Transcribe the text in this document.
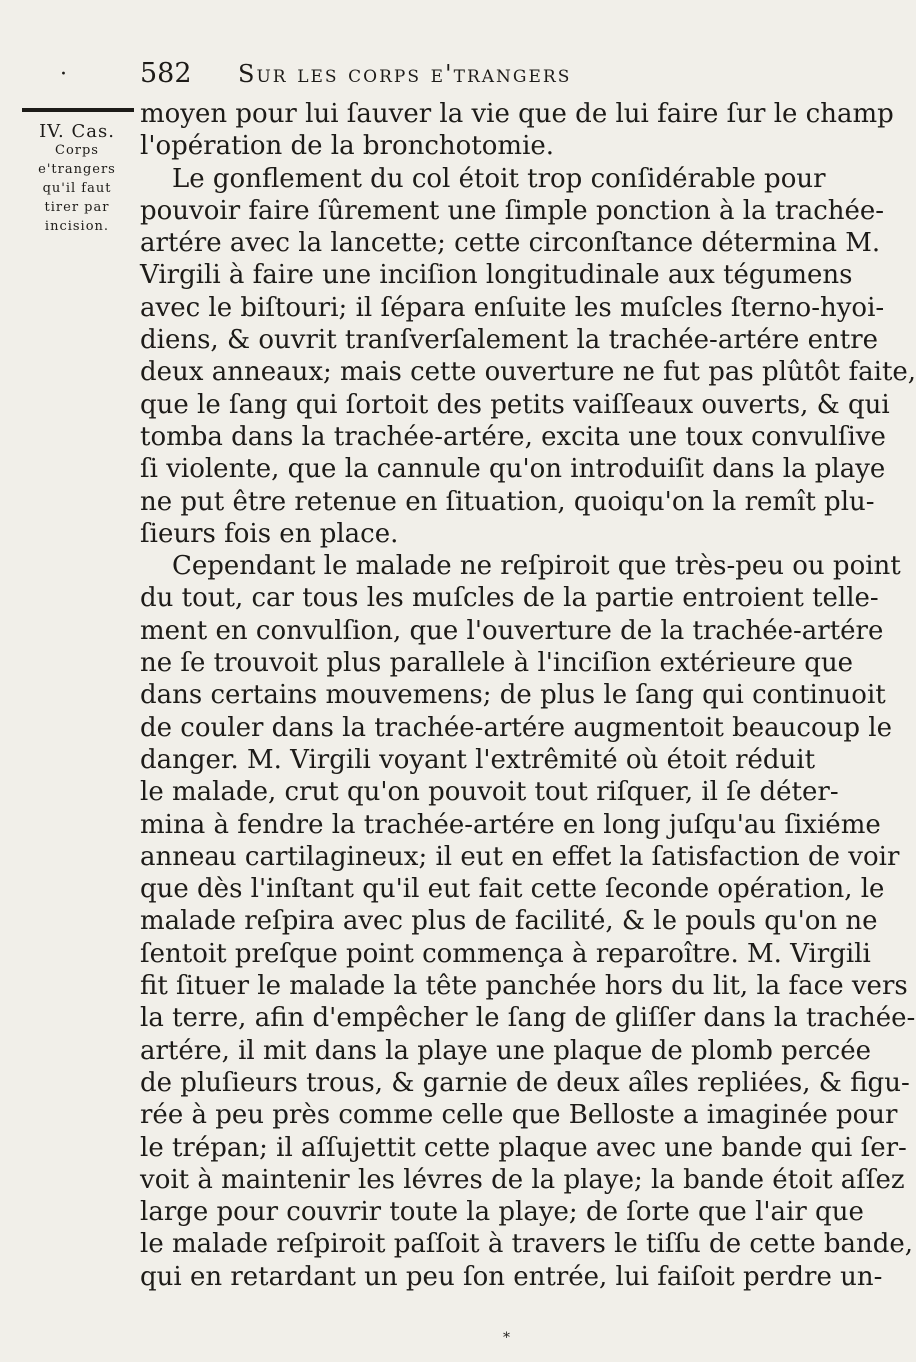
·	582 Sur les corps e'trangers
IV. Cas.
Corps
e'trangers
qu'il faut
tirer par
incision.
moyen pour lui ſauver la vie que de lui faire ſur le champ
l'opération de la bronchotomie.
Le gonflement du col étoit trop conſidérable pour
pouvoir faire ſûrement une ſimple ponction à la trachée-
artére avec la lancette; cette circonſtance détermina M.
Virgili à faire une inciſion longitudinale aux tégumens
avec le biſtouri; il ſépara enſuite les muſcles ſterno-hyoi-
diens, & ouvrit tranſverſalement la trachée-artére entre
deux anneaux; mais cette ouverture ne fut pas plûtôt faite,
que le ſang qui ſortoit des petits vaiſſeaux ouverts, & qui
tomba dans la trachée-artére, excita une toux convulſive
ſi violente, que la cannule qu'on introduiſit dans la playe
ne put être retenue en ſituation, quoiqu'on la remît plu-
ſieurs fois en place.
Cependant le malade ne reſpiroit que très-peu ou point
du tout, car tous les muſcles de la partie entroient telle-
ment en convulſion, que l'ouverture de la trachée-artére
ne ſe trouvoit plus parallele à l'inciſion extérieure que
dans certains mouvemens; de plus le ſang qui continuoit
de couler dans la trachée-artére augmentoit beaucoup le
danger. M. Virgili voyant l'extrêmité où étoit réduit
le malade, crut qu'on pouvoit tout riſquer, il ſe déter-
mina à fendre la trachée-artére en long juſqu'au ſixiéme
anneau cartilagineux; il eut en effet la ſatisfaction de voir
que dès l'inſtant qu'il eut fait cette ſeconde opération, le
malade reſpira avec plus de facilité, & le pouls qu'on ne
ſentoit preſque point commença à reparoître. M. Virgili
fit ſituer le malade la tête panchée hors du lit, la face vers
la terre, afin d'empêcher le ſang de gliſſer dans la trachée-
artére, il mit dans la playe une plaque de plomb percée
de pluſieurs trous, & garnie de deux aîles repliées, & figu-
rée à peu près comme celle que Belloste a imaginée pour
le trépan; il aſſujettit cette plaque avec une bande qui ſer-
voit à maintenir les lévres de la playe; la bande étoit aſſez
large pour couvrir toute la playe; de ſorte que l'air que
le malade reſpiroit paſſoit à travers le tiſſu de cette bande,
qui en retardant un peu ſon entrée, lui faiſoit perdre un-
*
